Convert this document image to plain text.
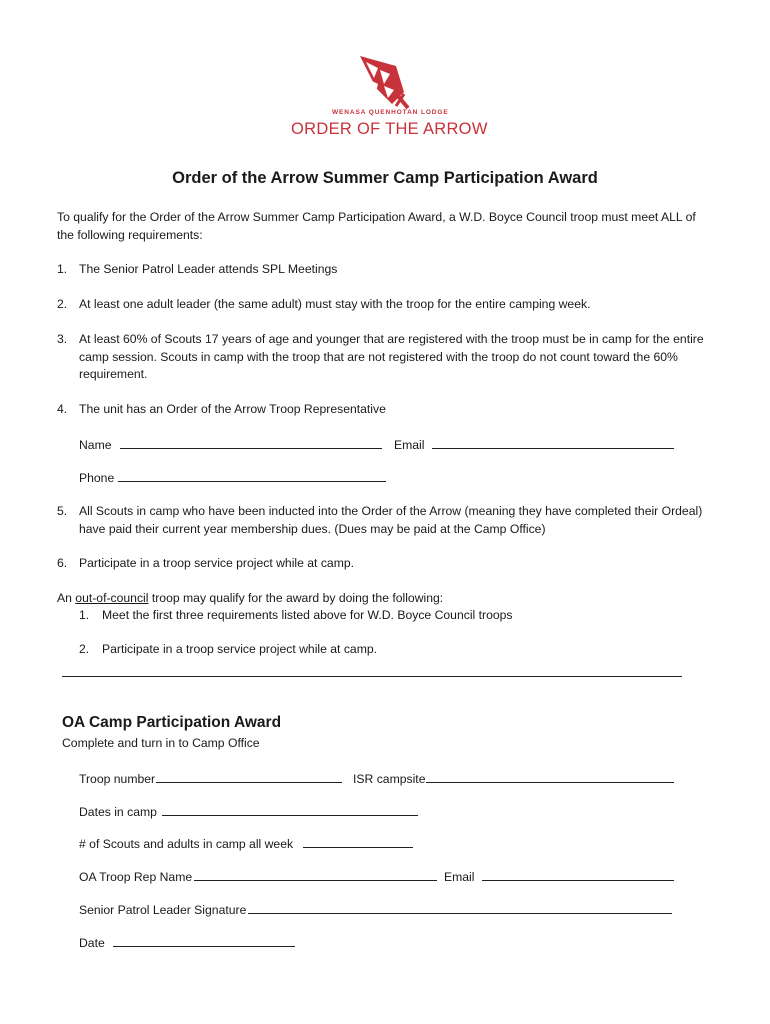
WENASA QUENHOTAN LODGE
ORDER OF THE ARROW
Order of the Arrow Summer Camp Participation Award
To qualify for the Order of the Arrow Summer Camp Participation Award, a W.D. Boyce Council troop must meet ALL of the following requirements:
1. The Senior Patrol Leader attends SPL Meetings
2. At least one adult leader (the same adult) must stay with the troop for the entire camping week.
3. At least 60% of Scouts 17 years of age and younger that are registered with the troop must be in camp for the entire camp session. Scouts in camp with the troop that are not registered with the troop do not count toward the 60% requirement.
4. The unit has an Order of the Arrow Troop Representative
Name	Email
Phone
5. All Scouts in camp who have been inducted into the Order of the Arrow (meaning they have completed their Ordeal) have paid their current year membership dues. (Dues may be paid at the Camp Office)
6. Participate in a troop service project while at camp.
An out-of-council troop may qualify for the award by doing the following:
1. Meet the first three requirements listed above for W.D. Boyce Council troops
2. Participate in a troop service project while at camp.
OA Camp Participation Award
Complete and turn in to Camp Office
Troop number	ISR campsite
Dates in camp
# of Scouts and adults in camp all week
OA Troop Rep Name	Email
Senior Patrol Leader Signature
Date
